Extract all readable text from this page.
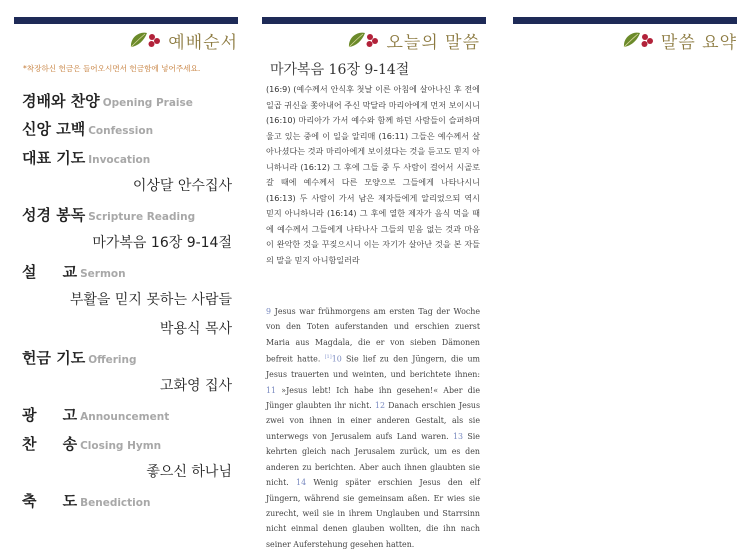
예배순서
*착장하신 헌금은 들어오시면서 헌금함에 넣어주세요.
경배와 찬양 Opening Praise
신앙 고백 Confession
대표 기도 Invocation
이상달 안수집사
성경 봉독 Scripture Reading
마가복음 16장 9-14절
설     교 Sermon
부활을 믿지 못하는 사람들
박용식 목사
헌금 기도 Offering
고화영 집사
광     고 Announcement
찬     송 Closing Hymn
좋으신 하나님
축     도 Benediction
오늘의 말씀
마가복음 16장 9-14절
(16:9) (예수께서 안식후 첫날 이른 아침에 살아나신 후 전에 일곱 귀신을 쫓아내어 주신 막달라 마리아에게 먼저 보이시니 (16:10) 마리아가 가서 예수와 함께 하던 사람들이 슬퍼하며 울고 있는 중에 이 일을 알리매 (16:11) 그들은 예수께서 살아나셨다는 것과 마리아에게 보이셨다는 것을 듣고도 믿지 아니하니라 (16:12) 그 후에 그들 중 두 사람이 걸어서 시골로 갈 때에 예수께서 다른 모양으로 그들에게 나타나시니 (16:13) 두 사람이 가서 남은 제자들에게 알리었으되 역시 믿지 아니하니라 (16:14) 그 후에 열한 제자가 음식 먹을 때에 예수께서 그들에게 나타나사 그들의 믿음 없는 것과 마음이 완악한 것을 꾸짖으시니 이는 자기가 살아난 것을 본 자들의 말을 믿지 아니함일러라
9 Jesus war frühmorgens am ersten Tag der Woche von den Toten auferstanden und erschien zuerst Maria aus Magdala, die er von sieben Dämonen befreit hatte. [1]10 Sie lief zu den Jüngern, die um Jesus trauerten und weinten, und berichtete ihnen: 11 »Jesus lebt! Ich habe ihn gesehen!« Aber die Jünger glaubten ihr nicht. 12 Danach erschien Jesus zwei von ihnen in einer anderen Gestalt, als sie unterwegs von Jerusalem aufs Land waren. 13 Sie kehrten gleich nach Jerusalem zurück, um es den anderen zu berichten. Aber auch ihnen glaubten sie nicht. 14 Wenig später erschien Jesus den elf Jüngern, während sie gemeinsam aßen. Er wies sie zurecht, weil sie in ihrem Unglauben und Starrsinn nicht einmal denen glauben wollten, die ihn nach seiner Auferstehung gesehen hatten.
말씀 요약
